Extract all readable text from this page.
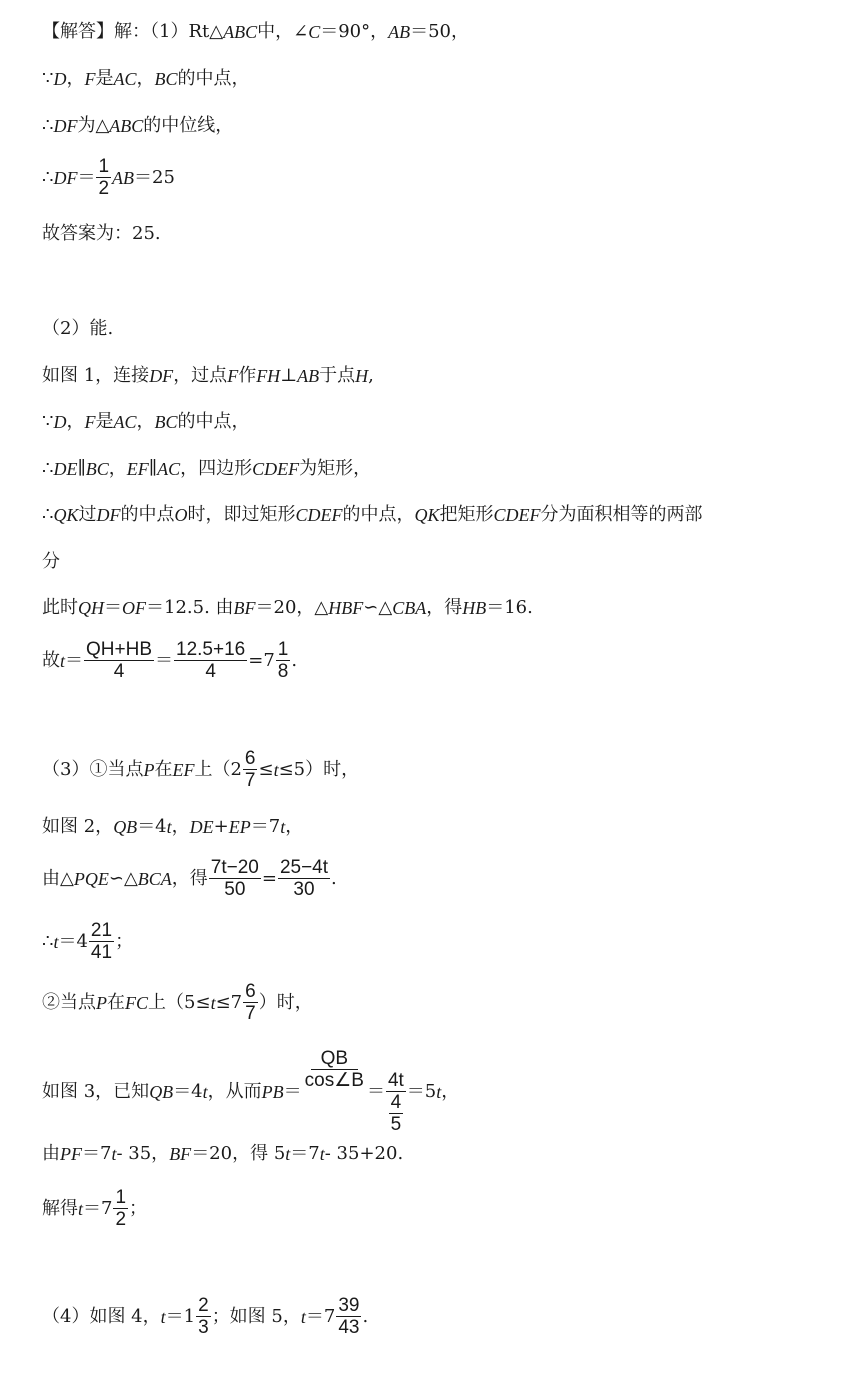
【解答】解：（1）Rt△ ABC 中，∠ C ＝90°， AB ＝50，
∵ D ， F 是 AC ， BC 的中点，
∴ DF 为△ ABC 的中位线，
∴ DF ＝ $\frac{1}{2}$ AB ＝25
故答案为：25.
（2）能.
如图 1，连接 DF ，过点 F 作 FH ⊥ AB 于点 H ,
∵ D ， F 是 AC ， BC 的中点，
∴ DE ∥ BC ， EF ∥ AC ，四边形 CDEF 为矩形，
∴ QK 过 DF 的中点 O 时，即过矩形 CDEF 的中点， QK 把矩形 CDEF 分为面积相等的两部
分
此时 QH ＝ OF ＝12.5. 由 BF ＝20，△ HBF ∽ △ CBA ，得 HB ＝16.
故 $t = \frac{QH+HB}{4} = \frac{12.5+16}{4} =7 \frac{1}{8}$ .
（3）①当点 P 在 EF 上$(2 \frac{6}{7} \le t \le 5)$时，
如图 2， QB ＝4 t ， DE + EP ＝7 t ，
由△ PQE ∽ △ BCA ，得 $\frac{7t-20}{50} = \frac{25-4t}{30}$ .
∴ $t =4 \frac{21}{41}$ ；
②当点 P 在 FC 上（$5\le t \le 7 \frac{6}{7}$ ）时，
如图 3，已知 QB ＝4 t ，从而 PB ＝ $\frac{QB}{\cos\angle B} = \frac{4t}{\frac{4}{5}} =5$ t ，
由 PF ＝7 t - 35， BF ＝20，得 5 t ＝7 t - 35+20.
解得 $t =7 \frac{1}{2}$ ；
（4）如图 4， $t =1 \frac{2}{3}$ ；如图 5， $t =7 \frac{39}{43}$ .
